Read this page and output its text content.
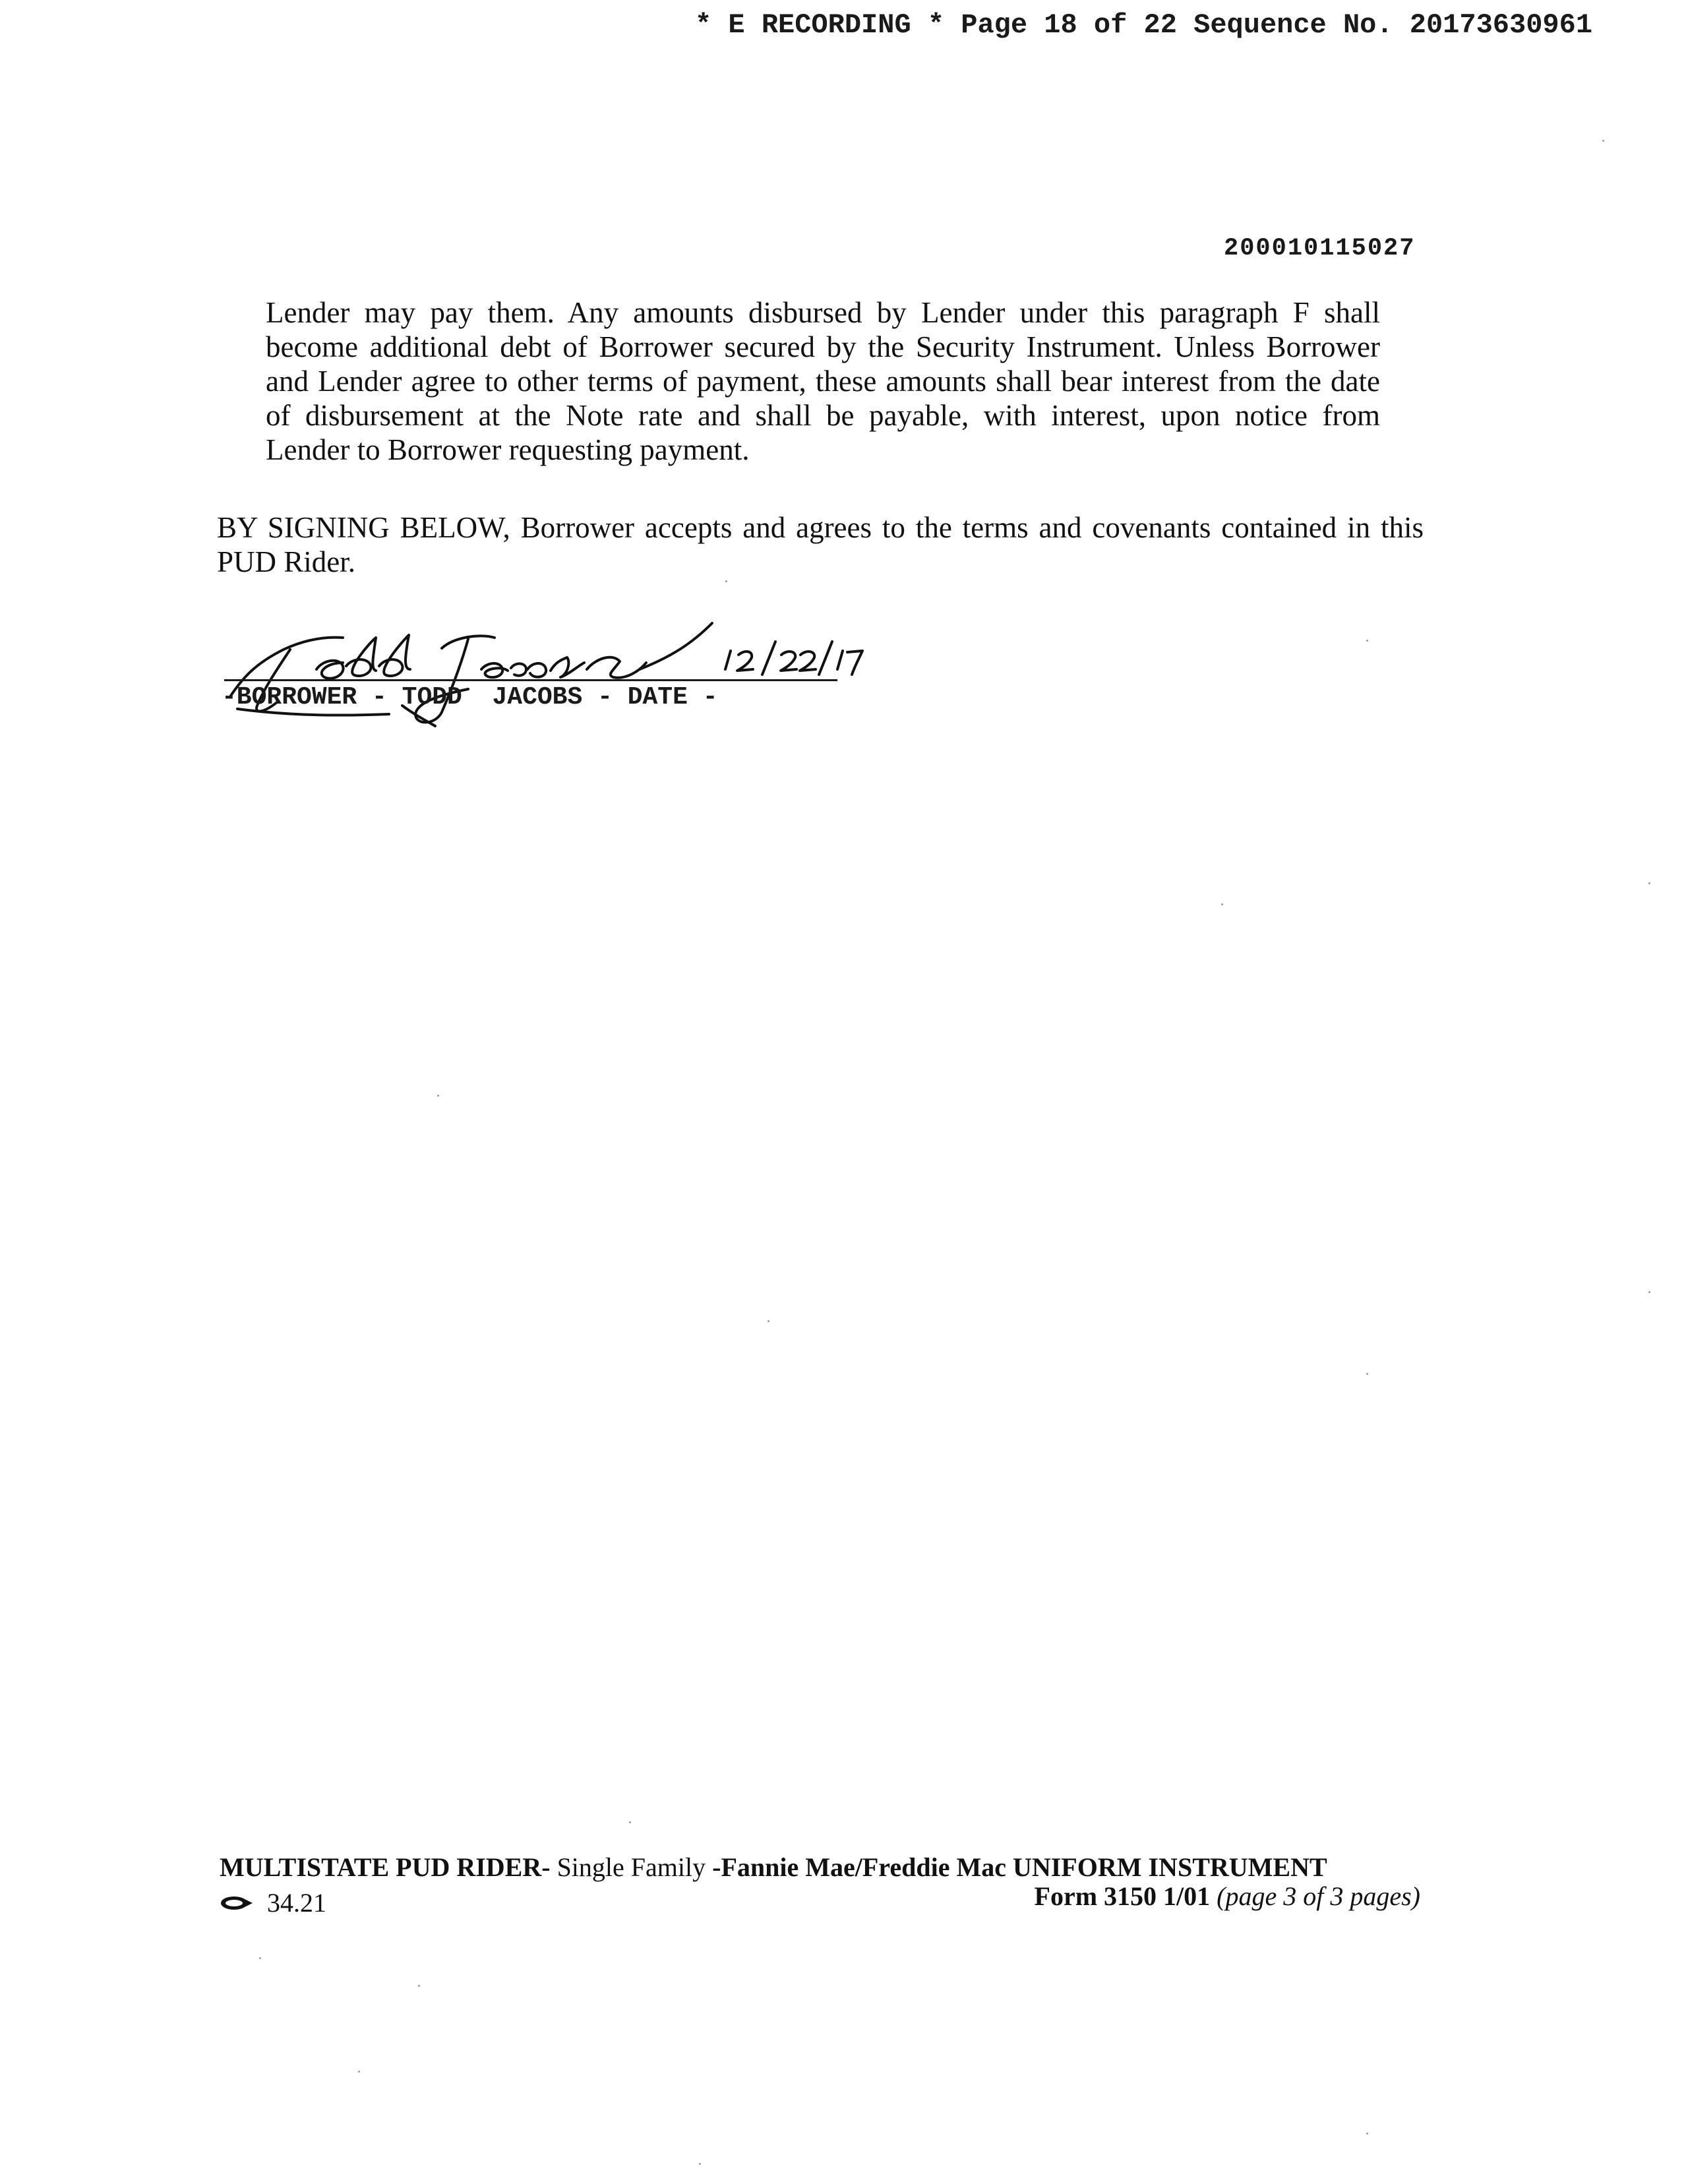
* E RECORDING * Page 18 of 22 Sequence No. 20173630961
200010115027
Lender may pay them. Any amounts disbursed by Lender under this paragraph F shall
become additional debt of Borrower secured by the Security Instrument. Unless Borrower
and Lender agree to other terms of payment, these amounts shall bear interest from the date
of disbursement at the Note rate and shall be payable, with interest, upon notice from
Lender to Borrower requesting payment.
BY SIGNING BELOW, Borrower accepts and agrees to the terms and covenants contained in this
PUD Rider.
-BORROWER - TODD  JACOBS - DATE -
MULTISTATE PUD RIDER- Single Family -Fannie Mae/Freddie Mac UNIFORM INSTRUMENT
34.21	Form 3150 1/01 (page 3 of 3 pages)
